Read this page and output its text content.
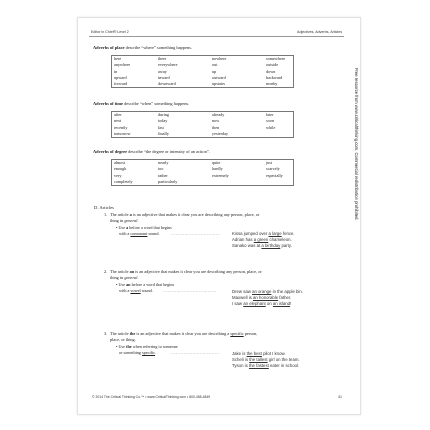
Editor in Chief® Level 2	Adjectives, Adverbs, Articles
Free resource from www.criticalthinking.com. Commercial redistribution prohibited.
Adverbs of place describe “where” something happens.
here	there	nowhere	somewhere
anywhere	everywhere	out	outside
in	away	up	down
upward	inward	outward	backward
forward	downward	upstairs	nearby
Adverbs of time describe “when” something happens.
after	during	already	later
next	today	now	soon
recently	last	then	while
tomorrow	finally	yesterday	
Adverbs of degree describe “the degree or intensity of an action”.
almost	nearly	quite	just
enough	too	hardly	scarcely
very	rather	extremely	especially
completely	particularly		
D. Articles
1. The article a is an adjective that makes it clear you are describing any person, place, or
thing in general.
• Use a before a word that begins
with a consonant sound.	……………………………	Kissa jumped over a large fence.
Adrian has a green chameleon.
Sanako was at a birthday party.
2. The article an is an adjective that makes it clear you are describing any person, place, or
thing in general.
• Use an before a word that begins
with a vowel sound.	………………………………	Drew saw an orange in the apple bin.
Maxwell is an honorable father.
I saw an elephant on an island!
3. The article the is an adjective that makes it clear you are describing a specific person,
place, or thing.
• Use the when referring to someone
or something specific.	……………………………	Jake is the best pilot I know.
Scheli is the tallest girl on the team.
Tyson is the fastest eater in school.
© 2014 The Critical Thinking Co.™ • www.CriticalThinking.com • 800-458-4849	41
